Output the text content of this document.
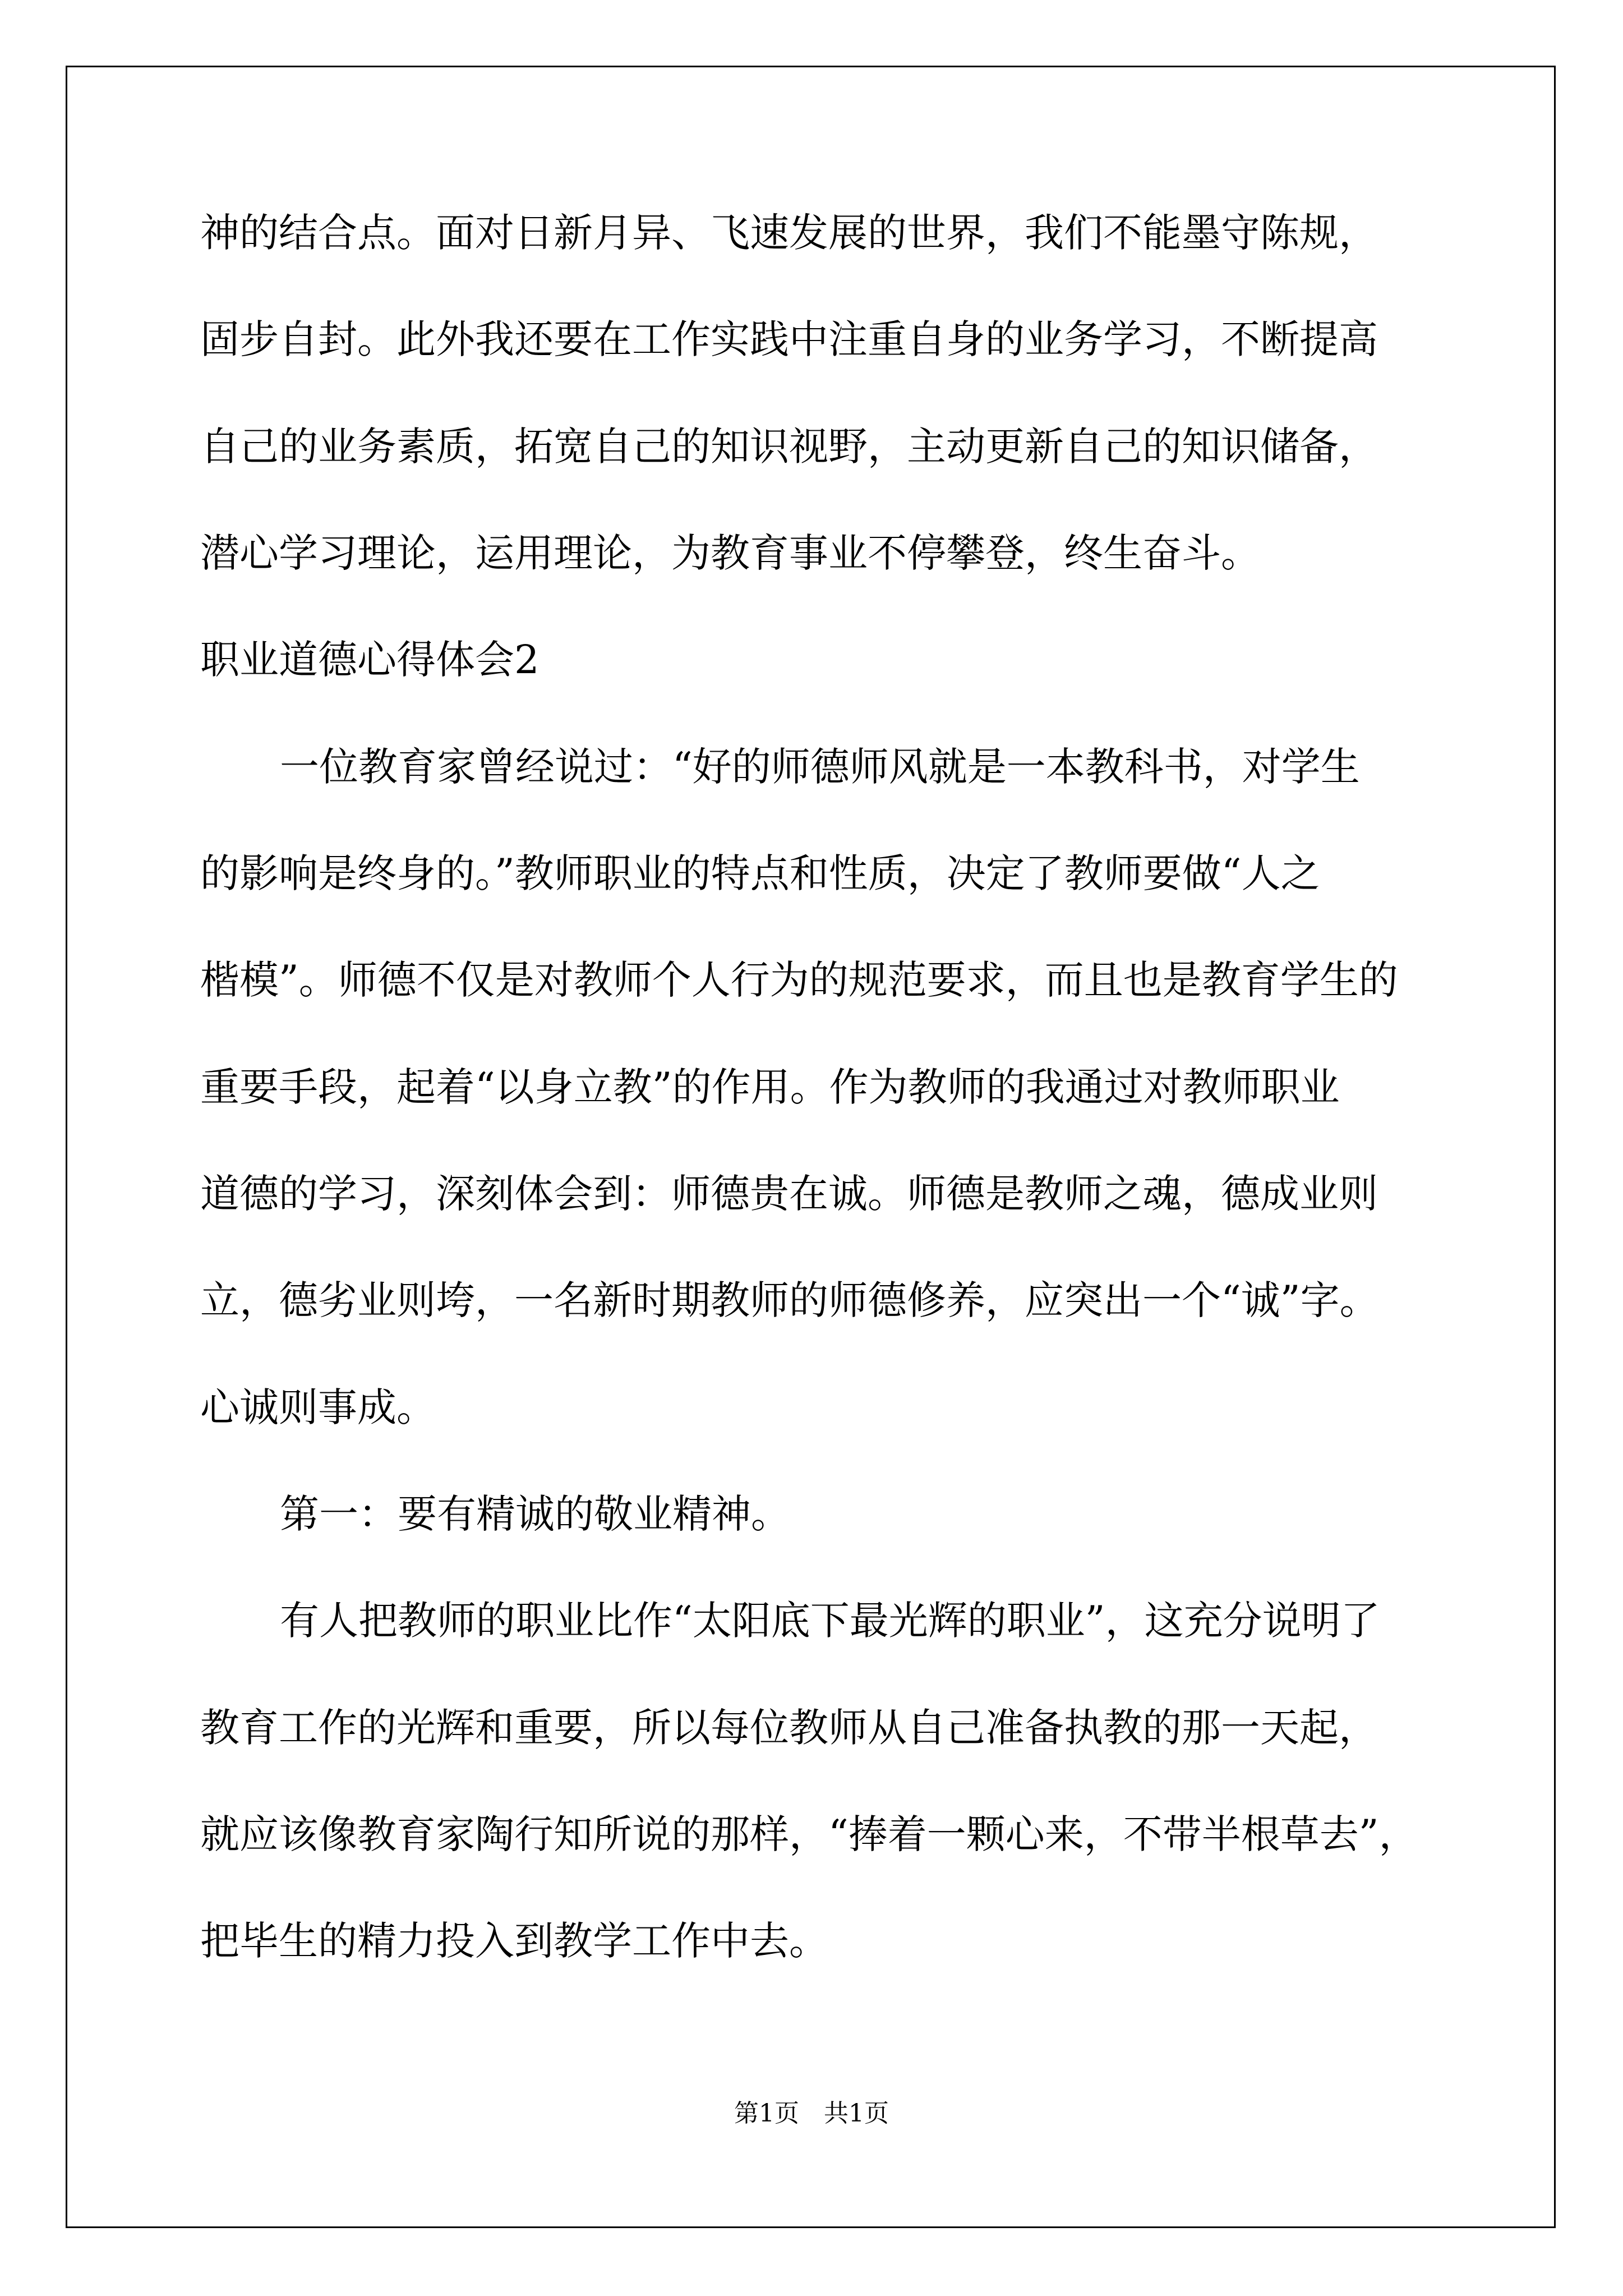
神的结合点。面对日新月异、飞速发展的世界，我们不能墨守陈规，
固步自封。此外我还要在工作实践中注重自身的业务学习，不断提高
自己的业务素质，拓宽自己的知识视野，主动更新自己的知识储备，
潜心学习理论，运用理论，为教育事业不停攀登，终生奋斗。
职业道德心得体会2
一位教育家曾经说过：“好的师德师风就是一本教科书，对学生
的影响是终身的。”教师职业的特点和性质，决定了教师要做“人之
楷模”。师德不仅是对教师个人行为的规范要求，而且也是教育学生的
重要手段，起着“以身立教”的作用。作为教师的我通过对教师职业
道德的学习，深刻体会到：师德贵在诚。师德是教师之魂，德成业则
立，德劣业则垮，一名新时期教师的师德修养，应突出一个“诚”字。
心诚则事成。
第一：要有精诚的敬业精神。
有人把教师的职业比作“太阳底下最光辉的职业”，这充分说明了
教育工作的光辉和重要，所以每位教师从自己准备执教的那一天起，
就应该像教育家陶行知所说的那样，“捧着一颗心来，不带半根草去”，
把毕生的精力投入到教学工作中去。
第1页　共1页
